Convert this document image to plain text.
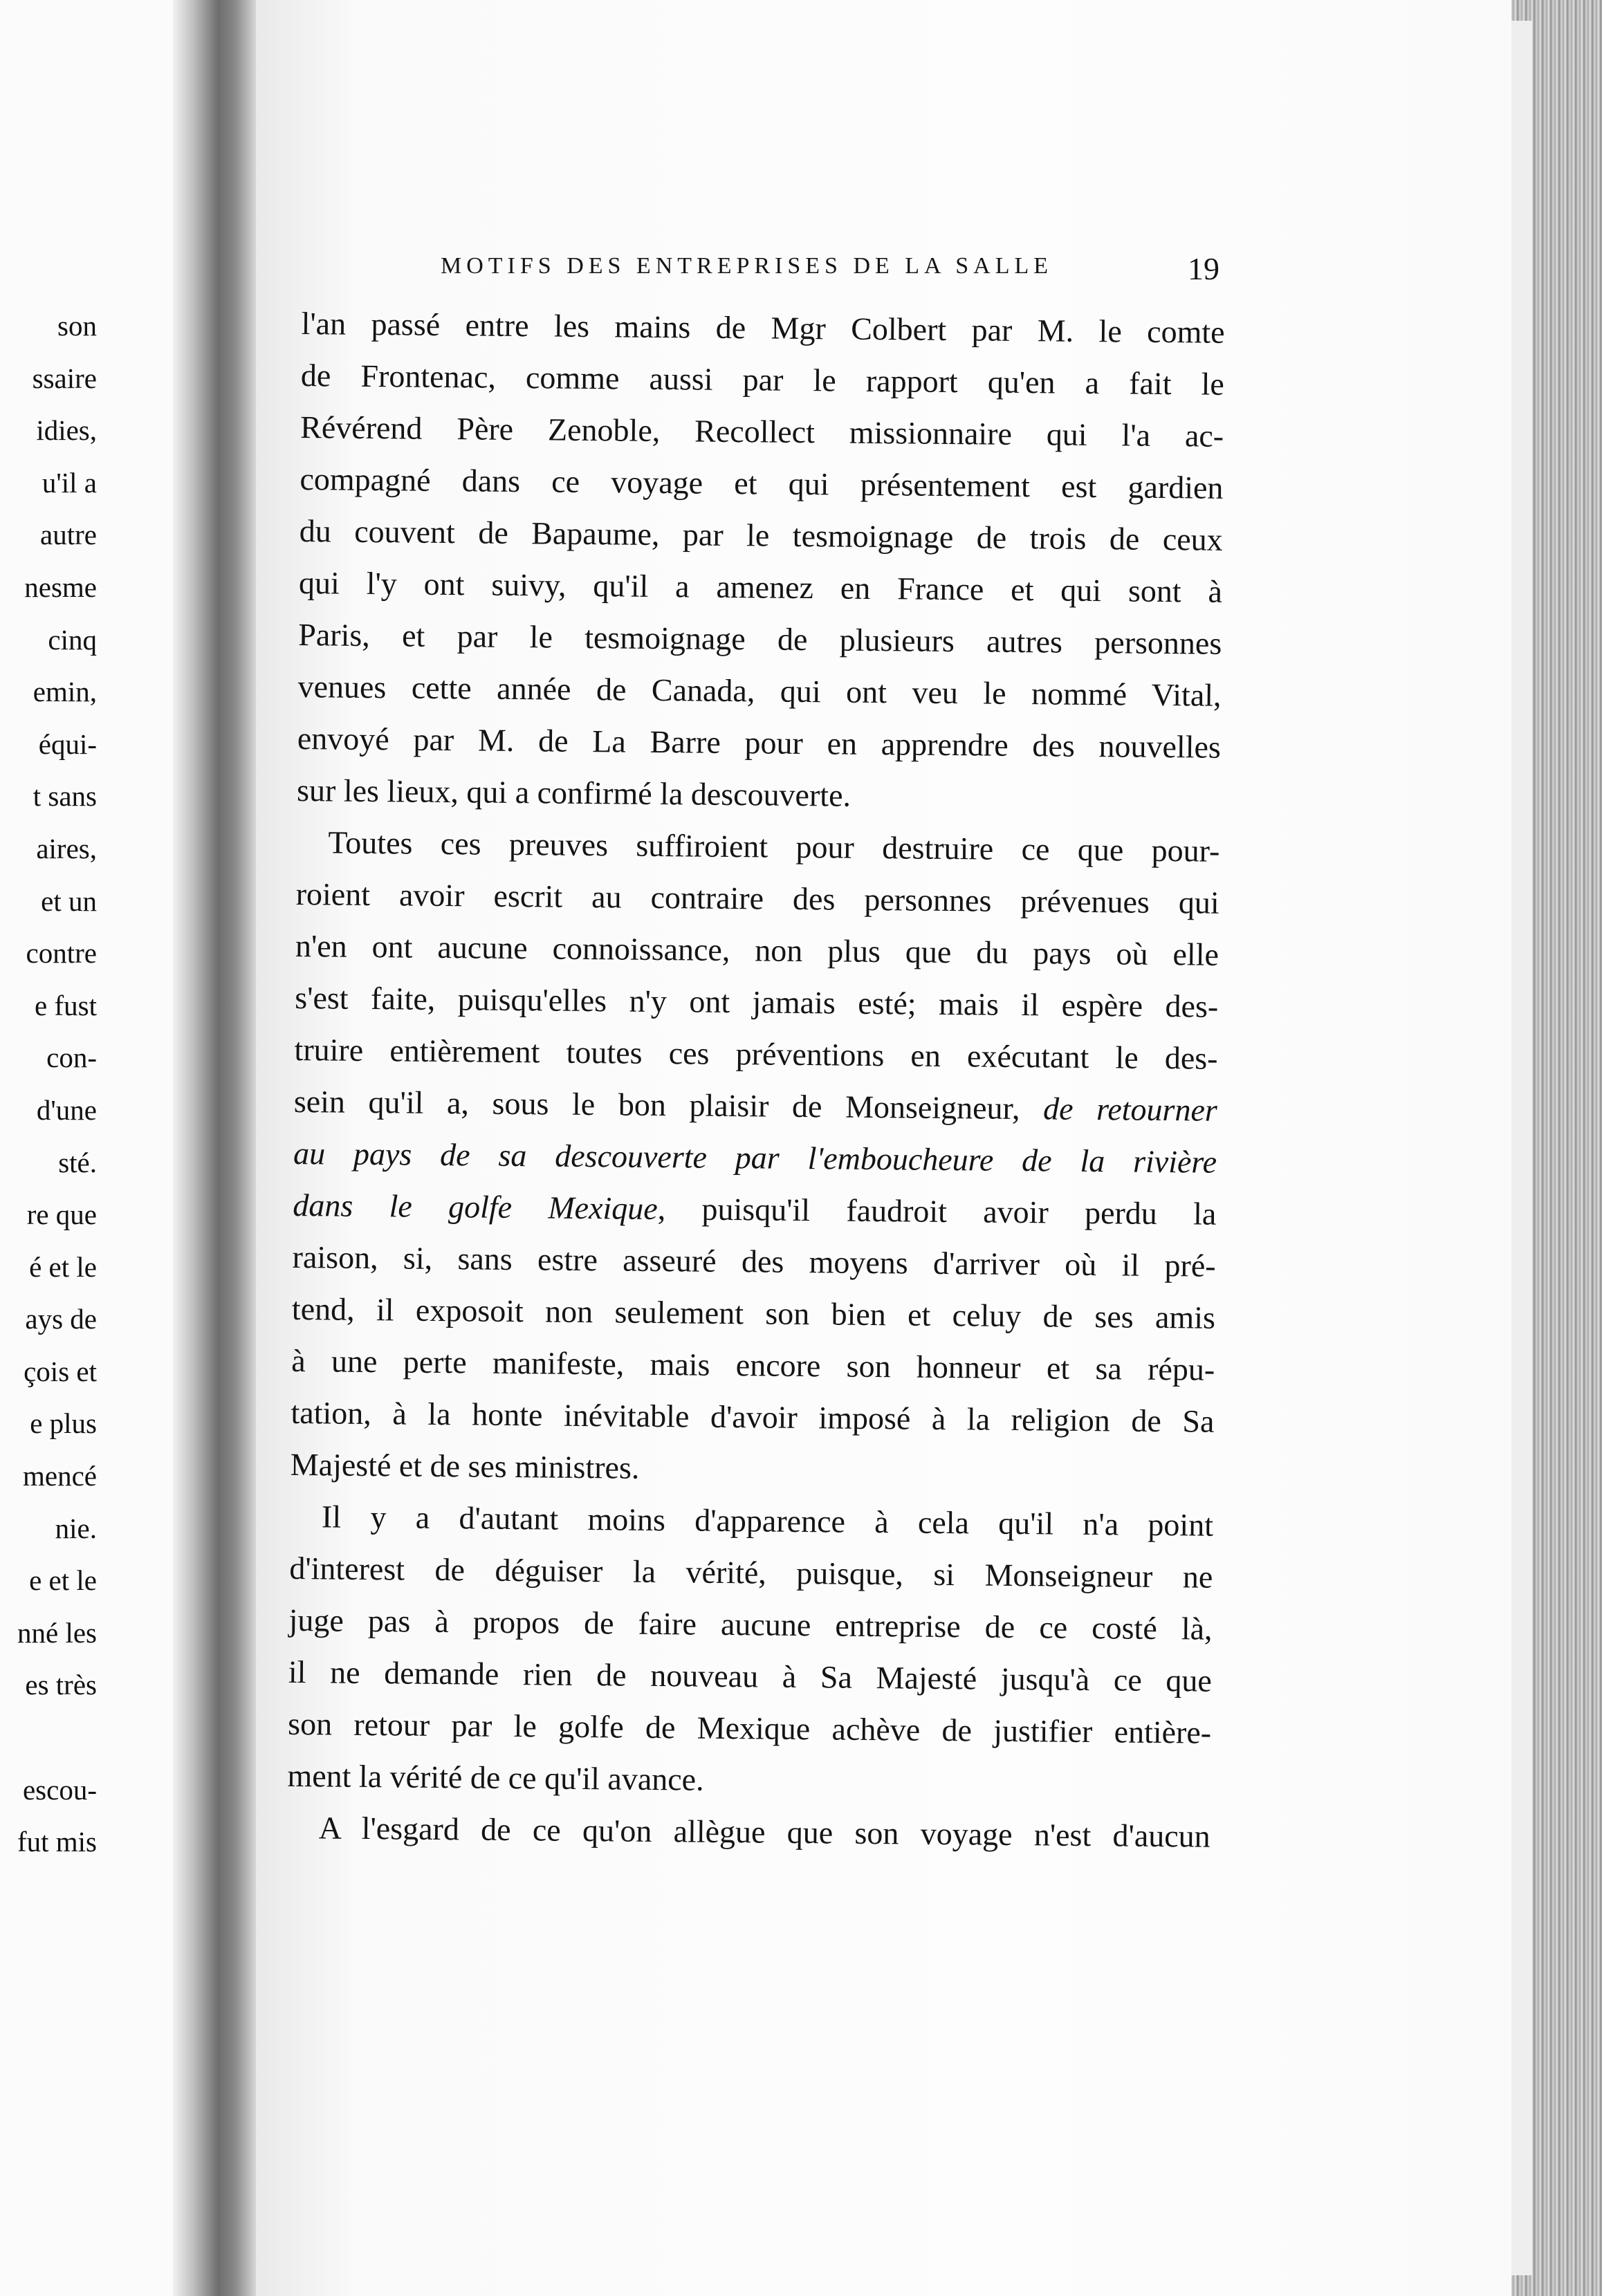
son
ssaire
idies,
u'il a
autre
nesme
cinq
emin,
équi-
t sans
aires,
et un
contre
e fust
con-
d'une
sté.
re que
é et le
ays de
çois et
e plus
mencé
nie.
e et le
nné les
es très
escou-
fut mis
MOTIFS DES ENTREPRISES DE LA SALLE	19
l'an passé entre les mains de Mgr Colbert par M. le comte
de Frontenac, comme aussi par le rapport qu'en a fait le
Révérend Père Zenoble, Recollect missionnaire qui l'a ac-
compagné dans ce voyage et qui présentement est gardien
du couvent de Bapaume, par le tesmoignage de trois de ceux
qui l'y ont suivy, qu'il a amenez en France et qui sont à
Paris, et par le tesmoignage de plusieurs autres personnes
venues cette année de Canada, qui ont veu le nommé Vital,
envoyé par M. de La Barre pour en apprendre des nouvelles
sur les lieux, qui a confirmé la descouverte.
Toutes ces preuves suffiroient pour destruire ce que pour-
roient avoir escrit au contraire des personnes prévenues qui
n'en ont aucune connoissance, non plus que du pays où elle
s'est faite, puisqu'elles n'y ont jamais esté; mais il espère des-
truire entièrement toutes ces préventions en exécutant le des-
sein qu'il a, sous le bon plaisir de Monseigneur, de retourner
au pays de sa descouverte par l'emboucheure de la rivière
dans le golfe Mexique, puisqu'il faudroit avoir perdu la
raison, si, sans estre asseuré des moyens d'arriver où il pré-
tend, il exposoit non seulement son bien et celuy de ses amis
à une perte manifeste, mais encore son honneur et sa répu-
tation, à la honte inévitable d'avoir imposé à la religion de Sa
Majesté et de ses ministres.
Il y a d'autant moins d'apparence à cela qu'il n'a point
d'interest de déguiser la vérité, puisque, si Monseigneur ne
juge pas à propos de faire aucune entreprise de ce costé là,
il ne demande rien de nouveau à Sa Majesté jusqu'à ce que
son retour par le golfe de Mexique achève de justifier entière-
ment la vérité de ce qu'il avance.
A l'esgard de ce qu'on allègue que son voyage n'est d'aucun
